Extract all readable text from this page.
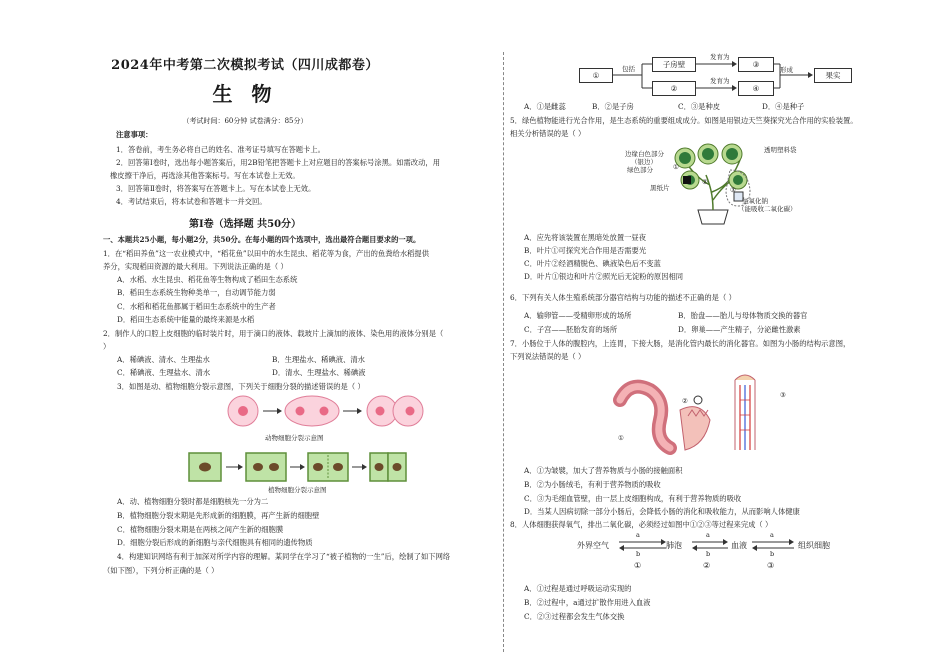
2024年中考第二次模拟考试（四川成都卷）
生 物
（考试时间：60分钟 试卷满分：85分）
注意事项：
1．答卷前，考生务必将自己的姓名、准考证号填写在答题卡上。
2．回答第Ⅰ卷时，选出每小题答案后，用2B铅笔把答题卡上对应题目的答案标号涂黑。如需改动，用
橡皮擦干净后，再选涂其他答案标号。写在本试卷上无效。
3．回答第Ⅱ卷时，将答案写在答题卡上。写在本试卷上无效。
4．考试结束后，将本试卷和答题卡一并交回。
第Ⅰ卷（选择题 共50分）
一、本题共25小题，每小题2分，共50分。在每小题的四个选项中，选出最符合题目要求的一项。
1．在“稻田养鱼”这一农业模式中，“稻花鱼”以田中的水生昆虫、稻花等为食，产出的鱼粪给水稻提供
养分，实现稻田资源的最大利用。下列说法正确的是（ ）
A．水稻、水生昆虫、稻花鱼等生物构成了稻田生态系统
B．稻田生态系统生物种类单一，自动调节能力弱
C．水稻和稻花鱼都属于稻田生态系统中的生产者
D．稻田生态系统中能量的最终来源是水稻
2．制作人的口腔上皮细胞的临时装片时，用于滴口的液体、载玻片上滴加的液体、染色用的液体分别是（
）
A．稀碘液、清水、生理盐水	B．生理盐水、稀碘液、清水
C．稀碘液、生理盐水、清水	D．清水、生理盐水、稀碘液
3．如图是动、植物细胞分裂示意图，下列关于细胞分裂的描述错误的是（ ）
动物细胞分裂示意图
植物细胞分裂示意图
A．动、植物细胞分裂时都是细胞核先一分为二
B．植物细胞分裂末期是先形成新的细胞膜，再产生新的细胞壁
C．植物细胞分裂末期是在两核之间产生新的细胞膜
D．细胞分裂后形成的新细胞与亲代细胞具有相同的遗传物质
4．构建知识网络有利于加深对所学内容的理解。某同学在学习了“被子植物的一生”后，绘制了如下网络
（如下图），下列分析正确的是（ ）
①
包括	子房壁
②
发育为
发育为
③
④
形成
果实
A．①是雌蕊	B．②是子房	C．③是种皮	D．④是种子
5．绿色植物能进行光合作用，是生态系统的重要组成成分。如图是用银边天竺葵探究光合作用的实验装置。
相关分析错误的是（ ）
边缘白色部分
（银边）
绿色部分
黑纸片
透明塑料袋
氢氧化钠
（能吸收二氧化碳）
①
②
③
A．应先将该装置在黑暗处放置一昼夜
B．叶片①可探究光合作用是否需要光
C．叶片②经酒精脱色、碘液染色后不变蓝
D．叶片①银边和叶片②照光后无淀粉的原因相同
6．下列有关人体生殖系统部分器官结构与功能的描述不正确的是（ ）
A．输卵管——受精卵形成的场所	B．胎盘——胎儿与母体物质交换的器官
C．子宫——胚胎发育的场所	D．卵巢——产生精子，分泌雌性激素
7．小肠位于人体的腹腔内，上连胃，下接大肠，是消化管内最长的消化器官。如图为小肠的结构示意图，
下列说法错误的是（ ）
①
②
③
A．①为皱襞，加大了营养物质与小肠的接触面积
B．②为小肠绒毛，有利于营养物质的吸收
C．③为毛细血管壁，由一层上皮细胞构成，有利于营养物质的吸收
D．当某人因病切除一部分小肠后，会降低小肠的消化和吸收能力，从而影响人体健康
8．人体细胞获得氧气，排出二氧化碳，必须经过如图中①②③等过程来完成（ ）
外界空气	肺泡	血液	组织细胞
a
b
a
b
a
b
①	②	③
A．①过程是通过呼吸运动实现的
B．②过程中，a通过扩散作用进入血液
C．②③过程都会发生气体交换
